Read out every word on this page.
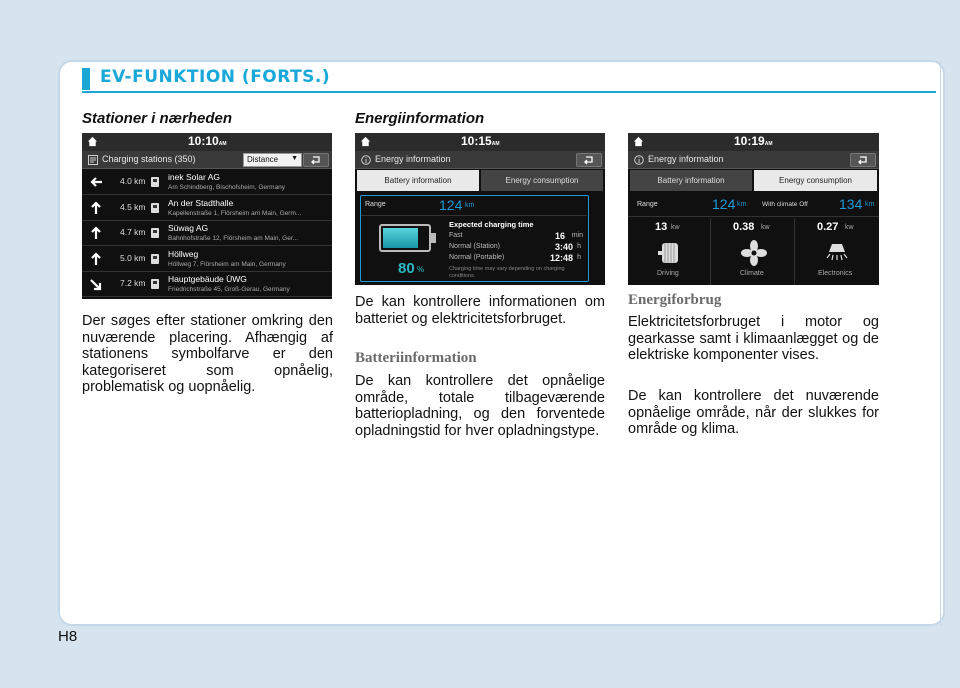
EV-FUNKTION (FORTS.)
Stationer i nærheden
10:10AM
Charging stations (350)	Distance ▼
4.0 km	inek Solar AG
Am Schindberg, Bischofsheim, Germany
4.5 km	An der Stadthalle
Kapellenstraße 1, Flörsheim am Main, Germ...
4.7 km	Süwag AG
Bahnhofstraße 12, Flörsheim am Main, Ger...
5.0 km	Höllweg
Höllweg 7, Flörsheim am Main, Germany
7.2 km	Hauptgebäude ÜWG
Friedrichstraße 45, Groß-Gerau, Germany
Der søges efter stationer omkring den nuværende placering. Afhængig af stationens symbolfarve er den kategoriseret som opnåelig, problematisk og uopnåelig.
Energiinformation
10:15AM
Energy information
Battery information	Energy consumption
Range	124 km
80 %
Expected charging time
Fast	16 min
Normal (Station)	3:40 h
Normal (Portable)	12:48 h
Charging time may vary depending on charging conditions.
De kan kontrollere informationen om batteriet og elektricitetsforbruget.
Batteriinformation
De kan kontrollere det opnåelige område, totale tilbageværende batteriopladning, og den forventede opladningstid for hver opladningstype.
10:19AM
Energy information
Battery information	Energy consumption
Range	124 km With climate Off 134 km
13 kw
Driving
0.38 kw
Climate
0.27 kw
Electronics
Energiforbrug
Elektricitetsforbruget i motor og gearkasse samt i klimaanlægget og de elektriske komponenter vises.
De kan kontrollere det nuværende opnåelige område, når der slukkes for område og klima.
H8
